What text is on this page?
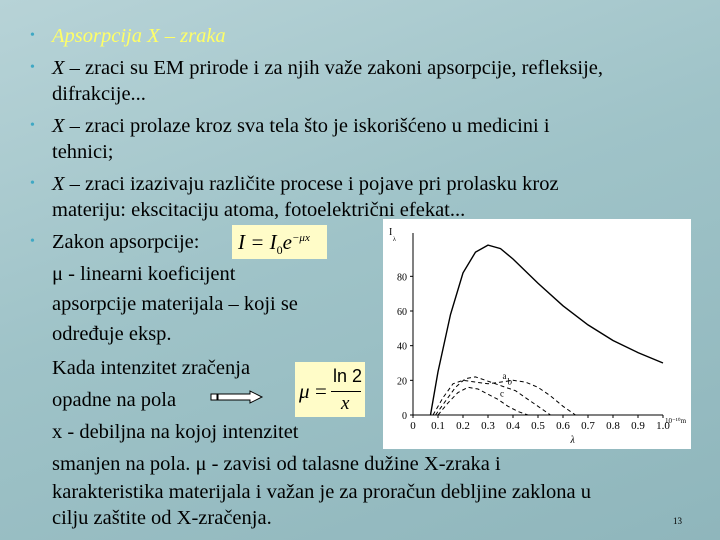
• Apsorpcija X – zraka
• X – zraci su EM prirode i za njih važe zakoni apsorpcije, refleksije,
difrakcije...
• X – zraci prolaze kroz sva tela što je iskorišćeno u medicini i
tehnici;
• X – zraci izazivaju različite procese i pojave pri prolasku kroz
materiju: ekscitaciju atoma, fotoelektrični efekat...
• Zakon apsorpcije: $I = I_0e^{-\mu x}$
μ - linearni koeficijent
apsorpcije materijala – koji se
određuje eksp.
Kada intenzitet zračenja
opadne na pola
x - debiljna na kojoj intenzitet
smanjen na pola. μ - zavisi od talasne dužine X-zraka i
karakteristika materijala i važan je za proračun debljine zaklona u
cilju zaštite od X-zračenja.
μ =
ln 2
x
0
20
40
60
80
0 0.1 0.2 0.3 0.4 0.5 0.6 0.7 0.8 0.9 1.0
10⁻¹⁰m
λ
I
λ
a
b
c
13
